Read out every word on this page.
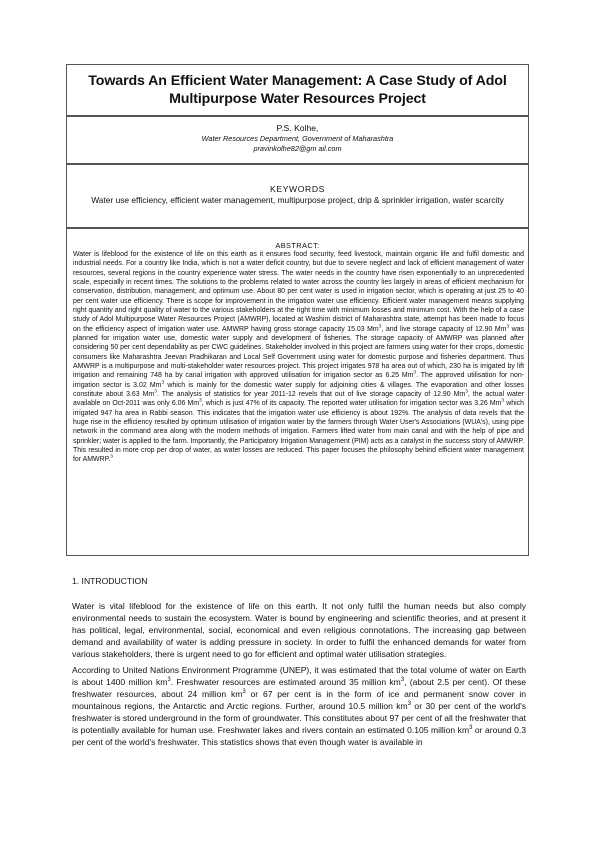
Towards An Efficient Water Management: A Case Study of Adol Multipurpose Water Resources Project
P.S. Kolhe,
Water Resources Department, Government of Maharashtra
pravinkolhe82@gm ail.com
KEYWORDS
Water use efficiency, efficient water management, multipurpose project, drip & sprinkler irrigation, water scarcity
ABSTRACT:
Water is lifeblood for the existence of life on this earth as it ensures food security, feed livestock, maintain organic life and fulfil domestic and industrial needs. For a country like India, which is not a water deficit country, but due to severe neglect and lack of efficient management of water resources, several regions in the country experience water stress. The water needs in the country have risen exponentially to an unprecedented scale, especially in recent times. The solutions to the problems related to water across the country lies largely in areas of efficient mechanism for conservation, distribution, management, and optimum use. About 80 per cent water is used in irrigation sector, which is operating at just 25 to 40 per cent water use efficiency. There is scope for improvement in the irrigation water use efficiency. Efficient water management means supplying right quantity and right quality of water to the various stakeholders at the right time with minimum losses and minimum cost. With the help of a case study of Adol Multipurpose Water Resources Project (AMWRP), located at Washim district of Maharashtra state, attempt has been made to focus on the efficiency aspect of irrigation water use. AMWRP having gross storage capacity 15.03 Mm$^3$, and live storage capacity of 12.90 Mm$^3$ was planned for irrigation water use, domestic water supply and development of fisheries. The storage capacity of AMWRP was planned after considering 50 per cent dependability as per CWC guidelines. Stakeholder involved in this project are farmers using water for their crops, domestic consumers like Maharashtra Jeevan Pradhikaran and Local Self Government using water for domestic purpose and fisheries department. Thus AMWRP is a multipurpose and multi-stakeholder water resources project. This project irrigates 978 ha area out of which, 230 ha is irrigated by lift irrigation and remaining 748 ha by canal irrigation with approved utilisation for irrigation sector as 6.25 Mm$^3$. The approved utilisation for non-irrigation sector is 3.02 Mm$^3$ which is mainly for the domestic water supply for adjoining cities & villages. The evaporation and other losses constitute about 3.63 Mm$^3$. The analysis of statistics for year 2011-12 revels that out of live storage capacity of 12.90 Mm$^3$, the actual water available on Oct-2011 was only 6.06 Mm$^3$, which is just 47% of its capacity. The reported water utilisation for irrigation sector was 3.26 Mm$^3$ which irrigated 947 ha area in Rabbi season. This indicates that the irrigation water use efficiency is about 192%. The analysis of data revels that the huge rise in the efficiency resulted by optimum utilisation of irrigation water by the farmers through Water User's Associations (WUA's), using pipe network in the command area along with the modern methods of irrigation. Farmers lifted water from main canal and with the help of pipe and sprinkler; water is applied to the farm. Importantly, the Participatory Irrigation Management (PIM) acts as a catalyst in the success story of AMWRP. This resulted in more crop per drop of water, as water losses are reduced. This paper focuses the philosophy behind efficient water management for AMWRP.$^3$
1. INTRODUCTION
Water is vital lifeblood for the existence of life on this earth. It not only fulfil the human needs but also comply environmental needs to sustain the ecosystem. Water is bound by engineering and scientific theories, and at present it has political, legal, environmental, social, economical and even religious connotations. The increasing gap between demand and availability of water is adding pressure in society. In order to fulfil the enhanced demands for water from various stakeholders, there is urgent need to go for efficient and optimal water utilisation strategies.
According to United Nations Environment Programme (UNEP), it was estimated that the total volume of water on Earth is about 1400 million $km^3$. Freshwater resources are estimated around 35 million $km^3$, (about 2.5 per cent). Of these freshwater resources, about 24 million $km^3$ or 67 per cent is in the form of ice and permanent snow cover in mountainous regions, the Antarctic and Arctic regions. Further, around 10.5 million $km^3$ or 30 per cent of the world's freshwater is stored underground in the form of groundwater. This constitutes about 97 per cent of all the freshwater that is potentially available for human use. Freshwater lakes and rivers contain an estimated 0.105 million $km^3$ or around 0.3 per cent of the world's freshwater. This statistics shows that even though water is available in
